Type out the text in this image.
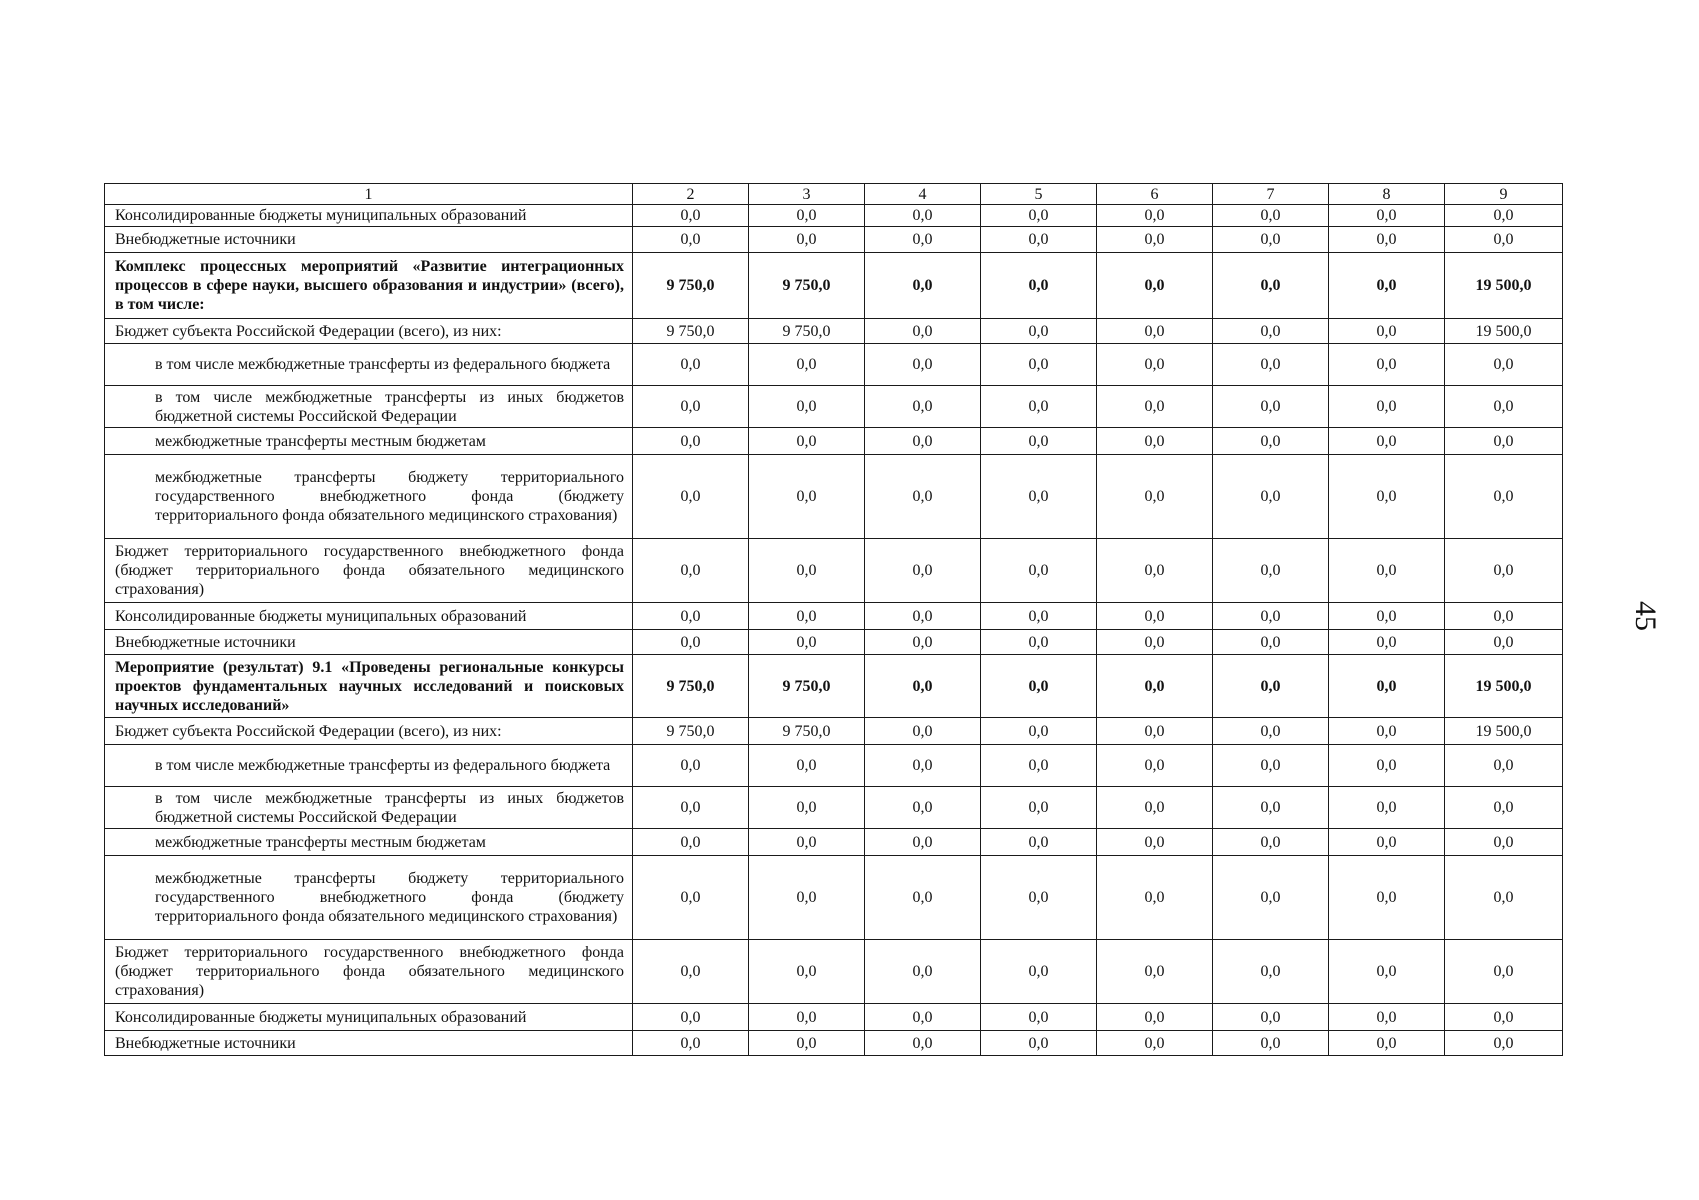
1	2	3	4	5	6	7	8	9
Консолидированные бюджеты муниципальных образований	0,0	0,0	0,0	0,0	0,0	0,0	0,0	0,0
Внебюджетные источники	0,0	0,0	0,0	0,0	0,0	0,0	0,0	0,0
Комплекс процессных мероприятий «Развитие интеграционных процессов в сфере науки, высшего образования и индустрии» (всего), в том числе:	9 750,0	9 750,0	0,0	0,0	0,0	0,0	0,0	19 500,0
Бюджет субъекта Российской Федерации (всего), из них:	9 750,0	9 750,0	0,0	0,0	0,0	0,0	0,0	19 500,0
в том числе межбюджетные трансферты из федерального бюджета	0,0	0,0	0,0	0,0	0,0	0,0	0,0	0,0
в том числе межбюджетные трансферты из иных бюджетов бюджетной системы Российской Федерации	0,0	0,0	0,0	0,0	0,0	0,0	0,0	0,0
межбюджетные трансферты местным бюджетам	0,0	0,0	0,0	0,0	0,0	0,0	0,0	0,0
межбюджетные трансферты бюджету территориального государственного внебюджетного фонда (бюджету территориального фонда обязательного медицинского страхования)	0,0	0,0	0,0	0,0	0,0	0,0	0,0	0,0
Бюджет территориального государственного внебюджетного фонда (бюджет территориального фонда обязательного медицинского страхования)	0,0	0,0	0,0	0,0	0,0	0,0	0,0	0,0
Консолидированные бюджеты муниципальных образований	0,0	0,0	0,0	0,0	0,0	0,0	0,0	0,0
Внебюджетные источники	0,0	0,0	0,0	0,0	0,0	0,0	0,0	0,0
Мероприятие (результат) 9.1 «Проведены региональные конкурсы проектов фундаментальных научных исследований и поисковых научных исследований»	9 750,0	9 750,0	0,0	0,0	0,0	0,0	0,0	19 500,0
Бюджет субъекта Российской Федерации (всего), из них:	9 750,0	9 750,0	0,0	0,0	0,0	0,0	0,0	19 500,0
в том числе межбюджетные трансферты из федерального бюджета	0,0	0,0	0,0	0,0	0,0	0,0	0,0	0,0
в том числе межбюджетные трансферты из иных бюджетов бюджетной системы Российской Федерации	0,0	0,0	0,0	0,0	0,0	0,0	0,0	0,0
межбюджетные трансферты местным бюджетам	0,0	0,0	0,0	0,0	0,0	0,0	0,0	0,0
межбюджетные трансферты бюджету территориального государственного внебюджетного фонда (бюджету территориального фонда обязательного медицинского страхования)	0,0	0,0	0,0	0,0	0,0	0,0	0,0	0,0
Бюджет территориального государственного внебюджетного фонда (бюджет территориального фонда обязательного медицинского страхования)	0,0	0,0	0,0	0,0	0,0	0,0	0,0	0,0
Консолидированные бюджеты муниципальных образований	0,0	0,0	0,0	0,0	0,0	0,0	0,0	0,0
Внебюджетные источники	0,0	0,0	0,0	0,0	0,0	0,0	0,0	0,0
45
